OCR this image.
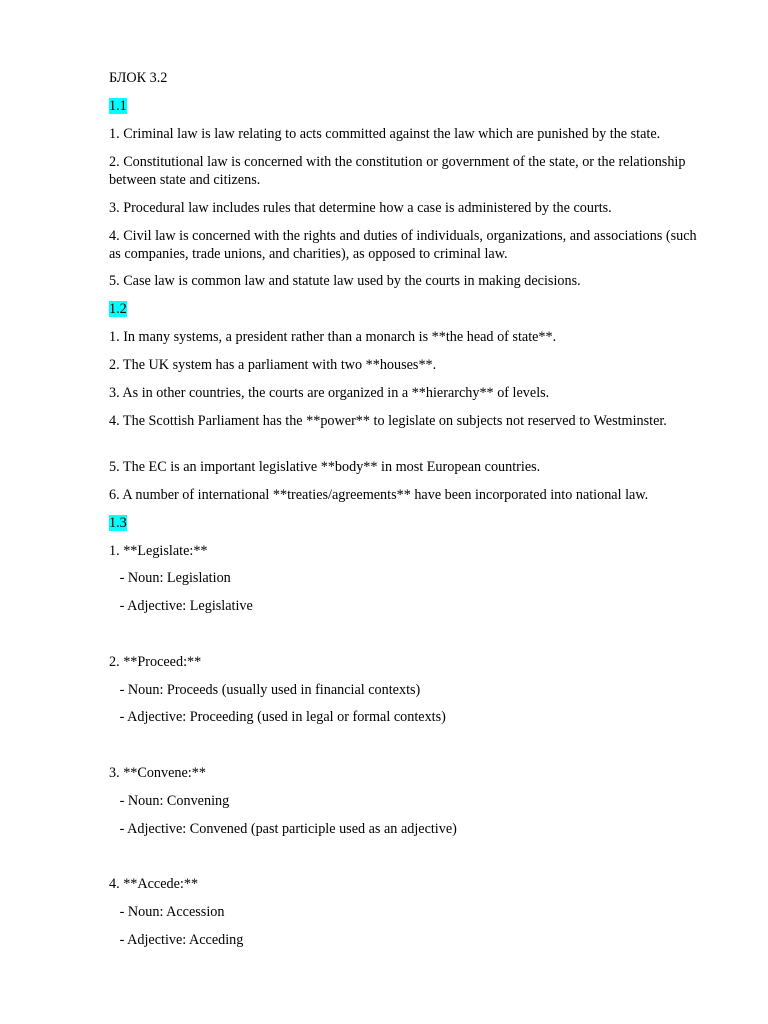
БЛОК 3.2
1.1
1. Criminal law is law relating to acts committed against the law which are punished by the state.
2. Constitutional law is concerned with the constitution or government of the state, or the relationship between state and citizens.
3. Procedural law includes rules that determine how a case is administered by the courts.
4. Civil law is concerned with the rights and duties of individuals, organizations, and associations (such as companies, trade unions, and charities), as opposed to criminal law.
5. Case law is common law and statute law used by the courts in making decisions.
1.2
1. In many systems, a president rather than a monarch is **the head of state**.
2. The UK system has a parliament with two **houses**.
3. As in other countries, the courts are organized in a **hierarchy** of levels.
4. The Scottish Parliament has the **power** to legislate on subjects not reserved to Westminster.
5. The EC is an important legislative **body** in most European countries.
6. A number of international **treaties/agreements** have been incorporated into national law.
1.3
1. **Legislate:**
- Noun: Legislation
- Adjective: Legislative
2. **Proceed:**
- Noun: Proceeds (usually used in financial contexts)
- Adjective: Proceeding (used in legal or formal contexts)
3. **Convene:**
- Noun: Convening
- Adjective: Convened (past participle used as an adjective)
4. **Accede:**
- Noun: Accession
- Adjective: Acceding
